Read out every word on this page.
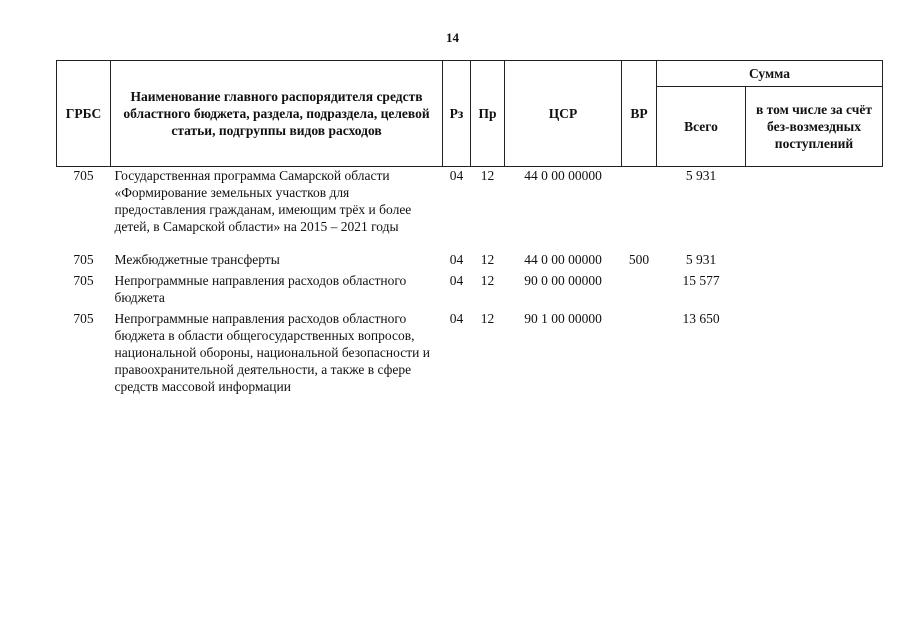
14
ГРБС	Наименование главного распорядителя средств областного бюджета, раздела, подраздела, целевой статьи, подгруппы видов расходов	Рз	Пр	ЦСР	ВР	Сумма	
						Всего	в том числе за счёт без-возмездных поступлений
705	Государственная программа Самарской области «Формирование земельных участков для предоставления гражданам, имеющим трёх и более детей, в Самарской области» на 2015 – 2021 годы	04	12	44 0 00 00000		5 931	
705	Межбюджетные трансферты	04	12	44 0 00 00000	500	5 931	
705	Непрограммные направления расходов областного бюджета	04	12	90 0 00 00000		15 577	
705	Непрограммные направления расходов областного бюджета в области общегосударственных вопросов, национальной обороны, национальной безопасности и правоохранительной деятельности, а также в сфере средств массовой информации	04	12	90 1 00 00000		13 650	
